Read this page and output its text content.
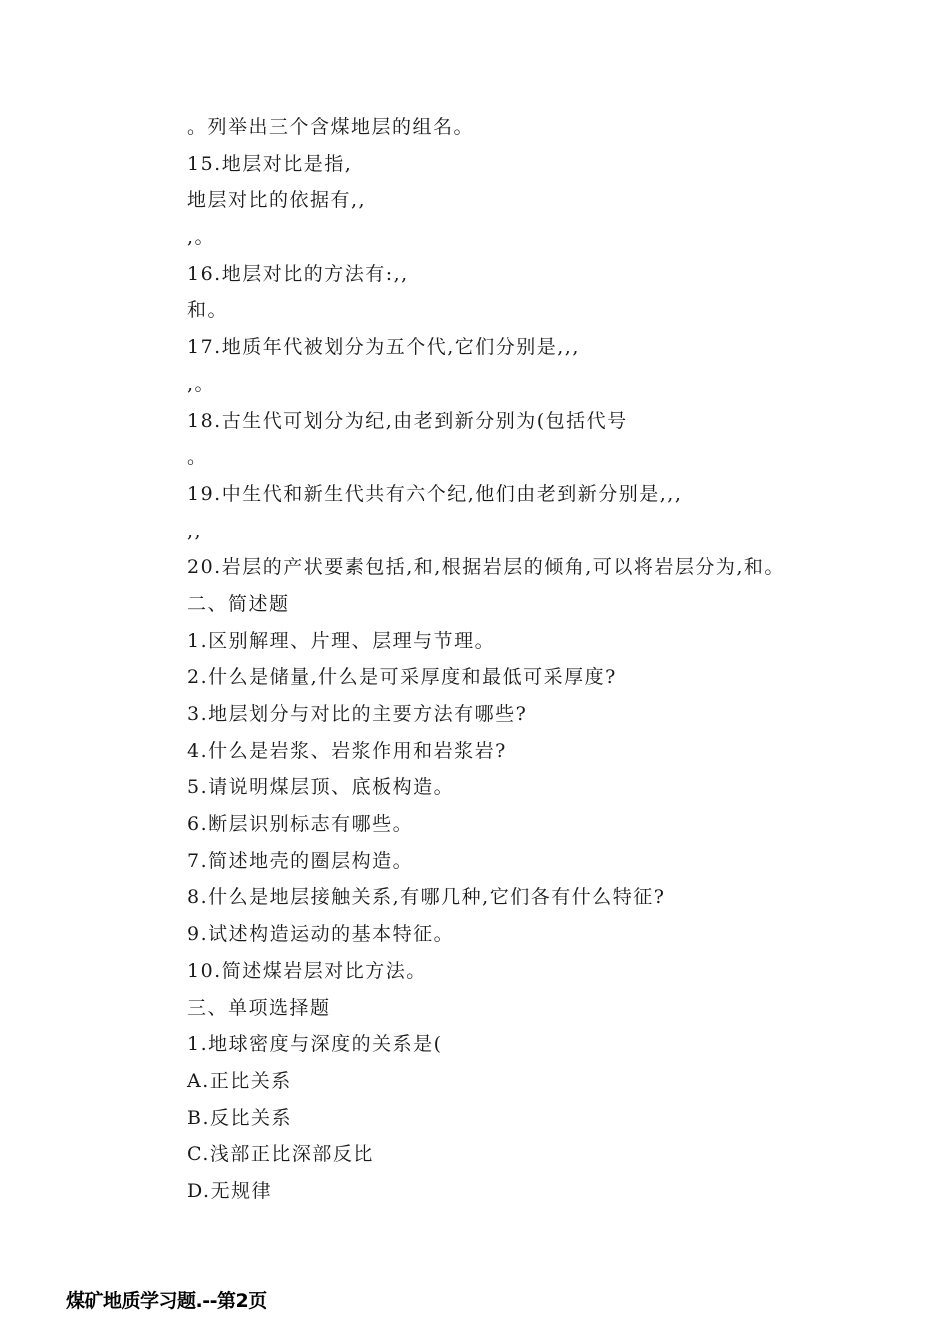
。列举出三个含煤地层的组名。
15.地层对比是指,
地层对比的依据有,,
,。
16.地层对比的方法有:,,
和。
17.地质年代被划分为五个代,它们分别是,,,
,。
18.古生代可划分为纪,由老到新分别为(包括代号
。
19.中生代和新生代共有六个纪,他们由老到新分别是,,,
,,
20.岩层的产状要素包括,和,根据岩层的倾角,可以将岩层分为,和。
二、简述题
1.区别解理、片理、层理与节理。
2.什么是储量,什么是可采厚度和最低可采厚度?
3.地层划分与对比的主要方法有哪些?
4.什么是岩浆、岩浆作用和岩浆岩?
5.请说明煤层顶、底板构造。
6.断层识别标志有哪些。
7.简述地壳的圈层构造。
8.什么是地层接触关系,有哪几种,它们各有什么特征?
9.试述构造运动的基本特征。
10.简述煤岩层对比方法。
三、单项选择题
1.地球密度与深度的关系是(
A.正比关系
B.反比关系
C.浅部正比深部反比
D.无规律
煤矿地质学习题.--第2页
